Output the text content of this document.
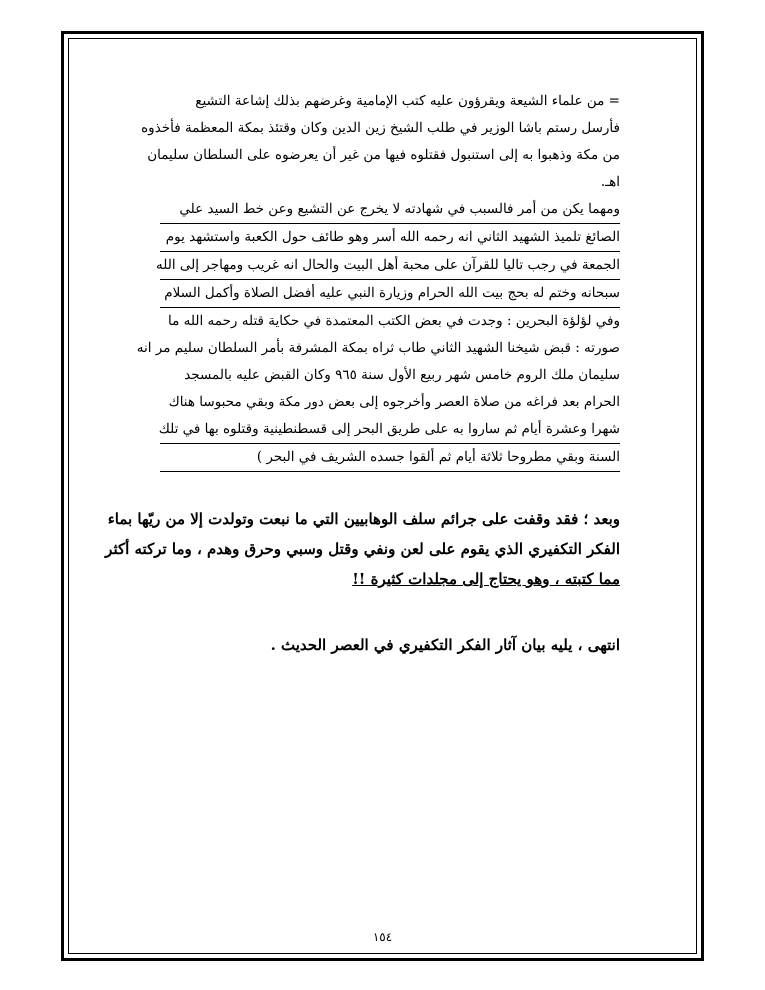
= من علماء الشيعة ويقرؤون عليه كتب الإمامية وغرضهم بذلك إشاعة التشيع

فأرسل رستم باشا الوزير في طلب الشيخ زين الدين وكان وقتئذ بمكة المعظمة فأخذوه

من مكة وذهبوا به إلى استنبول فقتلوه فيها من غير أن يعرضوه على السلطان سليمان

اهـ.

ومهما يكن من أمر فالسبب في شهادته لا يخرج عن التشيع وعن خط السيد علي

الصائغ تلميذ الشهيد الثاني انه رحمه الله أسر وهو طائف حول الكعبة واستشهد يوم

الجمعة في رجب تاليا للقرآن على محبة أهل البيت والحال انه غريب ومهاجر إلى الله

سبحانه وختم له بحج بيت الله الحرام وزيارة النبي عليه أفضل الصلاة وأكمل السلام

وفي لؤلؤة البحرين : وجدت في بعض الكتب المعتمدة في حكاية قتله رحمه الله ما

صورته : قبض شيخنا الشهيد الثاني طاب ثراه بمكة المشرفة بأمر السلطان سليم مر انه

سليمان ملك الروم خامس شهر ربيع الأول سنة ٩٦٥ وكان القبض عليه بالمسجد

الحرام بعد فراغه من صلاة العصر وأخرجوه إلى بعض دور مكة وبقي محبوسا هناك

شهرا وعشرة أيام ثم ساروا به على طريق البحر إلى قسطنطينية وقتلوه بها في تلك

السنة وبقي مطروحا ثلاثة أيام ثم ألقوا جسده الشريف في البحر )

وبعد ؛ فقد وقفت على جرائم سلف الوهابيين التي ما نبعت وتولدت إلا من ريّها بماء

الفكر التكفيري الذي يقوم على لعن ونفي وقتل وسبي وحرق وهدم ، وما تركته أكثر

مما كتبته ، وهو يحتاج إلى مجلدات كثيرة !!

انتهى ، يليه بيان آثار الفكر التكفيري في العصر الحديث .
١٥٤
